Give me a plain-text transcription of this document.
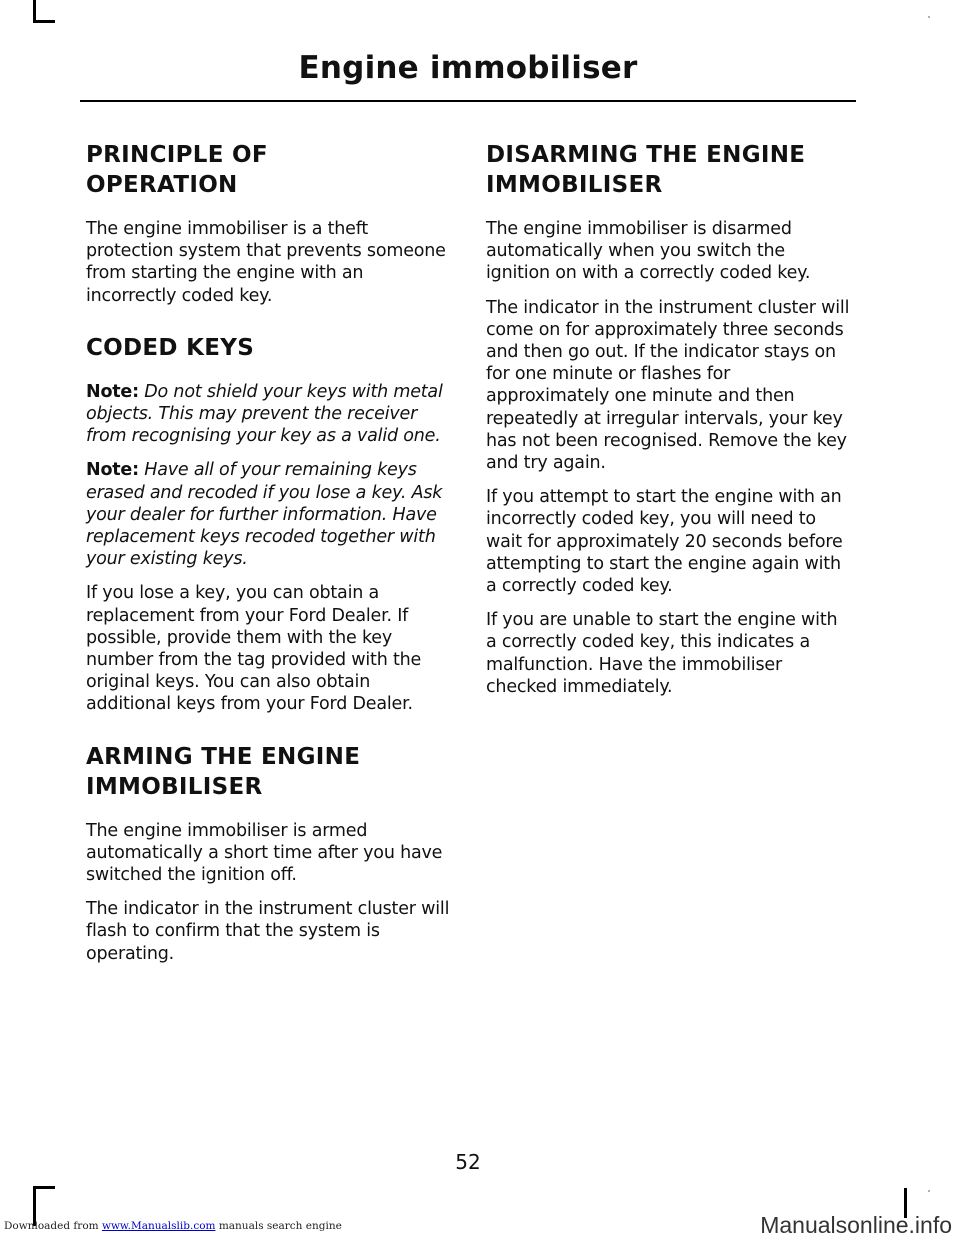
Engine immobiliser
PRINCIPLE OF
OPERATION

The engine immobiliser is a theft protection system that prevents someone from starting the engine with an incorrectly coded key.

CODED KEYS

Note: Do not shield your keys with metal objects. This may prevent the receiver from recognising your key as a valid one.

Note: Have all of your remaining keys erased and recoded if you lose a key. Ask your dealer for further information. Have replacement keys recoded together with your existing keys.

If you lose a key, you can obtain a replacement from your Ford Dealer. If possible, provide them with the key number from the tag provided with the original keys. You can also obtain additional keys from your Ford Dealer.

ARMING THE ENGINE
IMMOBILISER

The engine immobiliser is armed automatically a short time after you have switched the ignition off.

The indicator in the instrument cluster will flash to confirm that the system is operating.

DISARMING THE ENGINE
IMMOBILISER

The engine immobiliser is disarmed automatically when you switch the ignition on with a correctly coded key.

The indicator in the instrument cluster will come on for approximately three seconds and then go out. If the indicator stays on for one minute or flashes for approximately one minute and then repeatedly at irregular intervals, your key has not been recognised. Remove the key and try again.

If you attempt to start the engine with an incorrectly coded key, you will need to wait for approximately 20 seconds before attempting to start the engine again with a correctly coded key.

If you are unable to start the engine with a correctly coded key, this indicates a malfunction. Have the immobiliser checked immediately.

52
Downloaded from www.Manualslib.com manuals search engine	Manualsonline.info
